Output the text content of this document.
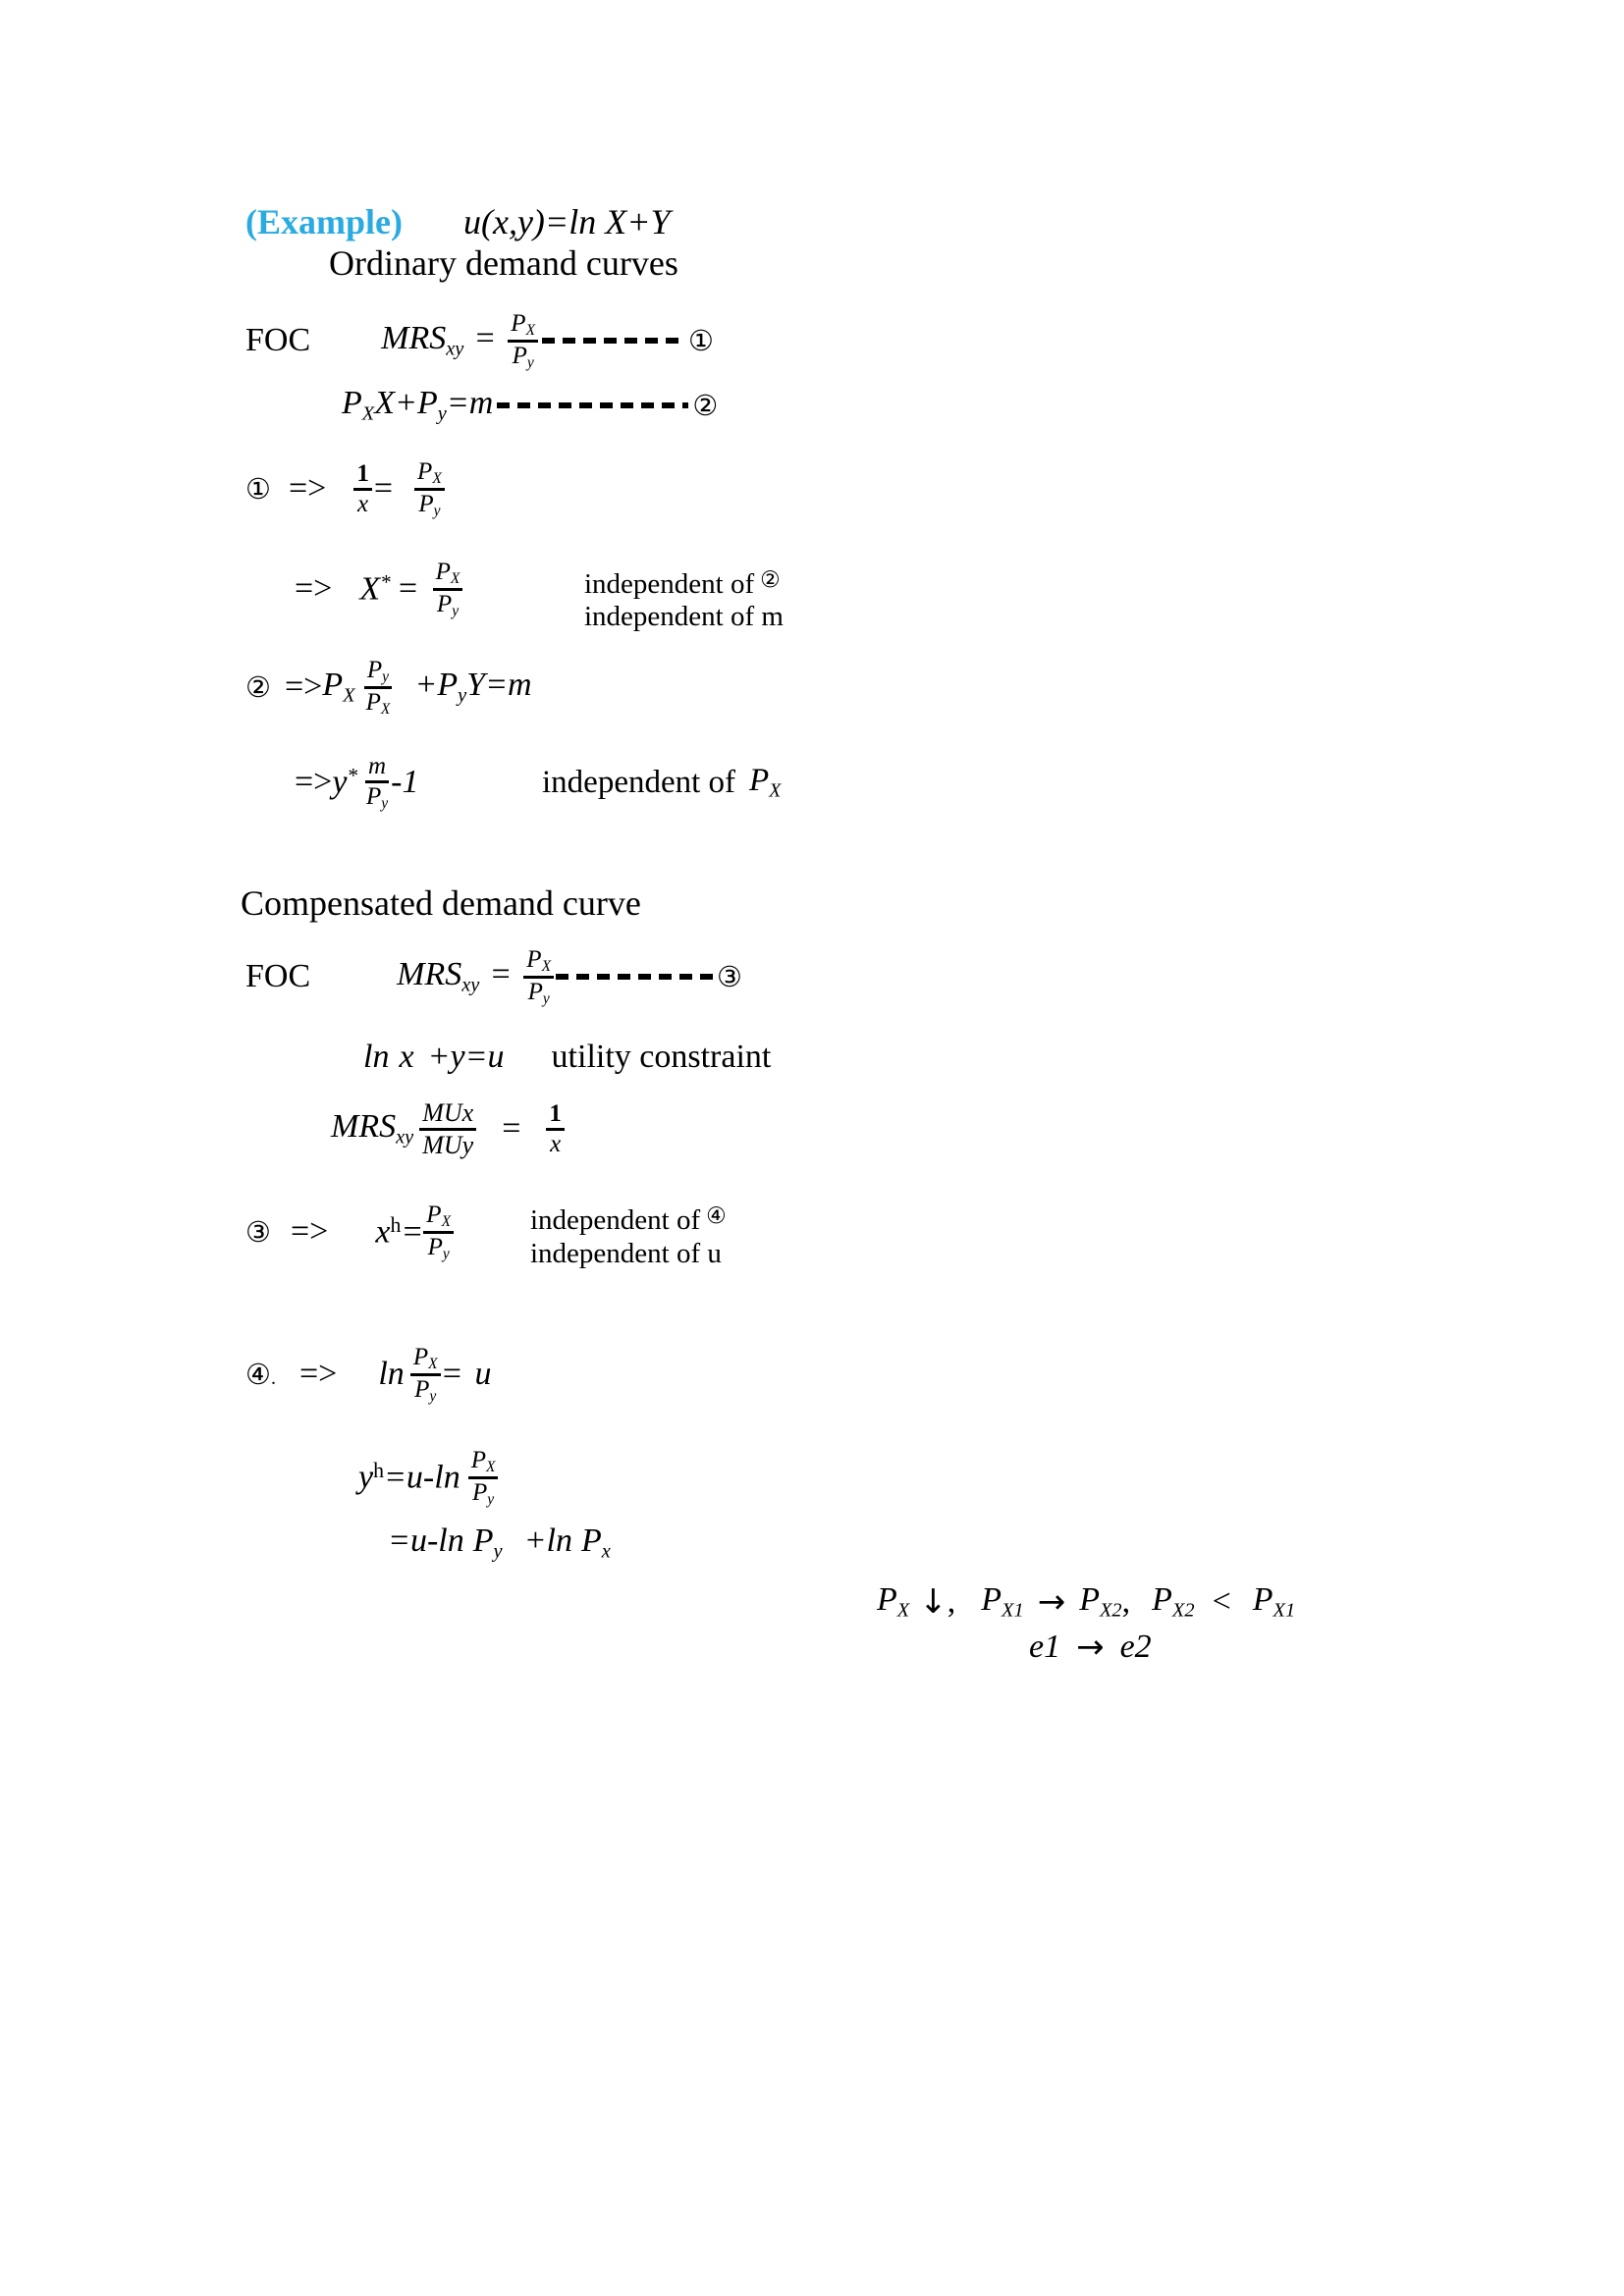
(Example) u(x,y)=ln X+Y
Ordinary demand curves
FOC MRSxy = $\frac{PX}{Py}$	①
PXX+Py=m	②
① => $\frac{1}{x} = \frac{PX}{Py}$
=> $X^* = \frac{PX}{Py}$	independent of ②
independent of m
② => PX $\frac{Py}{PX} +PyY=m$
=> $y^* \frac{m}{Py} -1$	independent of PX
Compensated demand curve
FOC	MRSxy = $\frac{PX}{Py}$	③
ln x +y=u utility constraint
MRSxy
MUx
MUy = $\frac{1}{x}$
③ => $x^h= \frac{PX}{Py}$	independent of ④
independent of u
④. => $\ln \frac{PX}{Py} = u$
$y^h=u-\ln \frac{PX}{Py}$
=u-ln Py +ln Px
PX ↓ , PX1 → PX2 , PX2 < PX1
e1 → e2
